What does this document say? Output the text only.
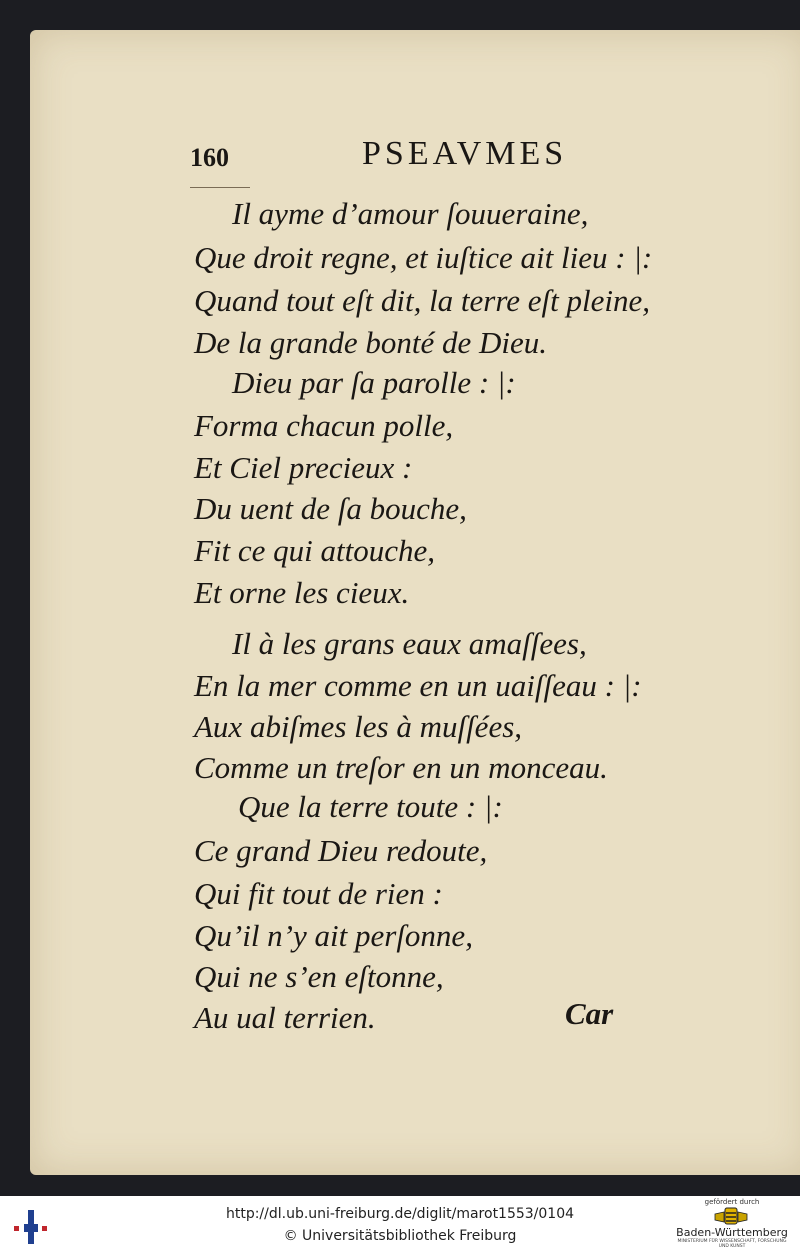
160	PSEAVMES
Il ayme d’amour ſouueraine,
Que droit regne, et iuſtice ait lieu : |:
Quand tout eſt dit, la terre eſt pleine,
De la grande bonté de Dieu.
Dieu par ſa parolle : |:
Forma chacun polle,
Et Ciel precieux :
Du uent de ſa bouche,
Fit ce qui attouche,
Et orne les cieux.
Il à les grans eaux amaſſees,
En la mer comme en un uaiſſeau : |:
Aux abiſmes les à muſſées,
Comme un treſor en un monceau.
Que la terre toute : |:
Ce grand Dieu redoute,
Qui fit tout de rien :
Qu’il n’y ait perſonne,
Qui ne s’en eſtonne,
Au ual terrien.	Car
http://dl.ub.uni-freiburg.de/diglit/marot1553/0104
© Universitätsbibliothek Freiburg
gefördert durch
Baden-Württemberg
MINISTERIUM FÜR WISSENSCHAFT, FORSCHUNG UND KUNST
